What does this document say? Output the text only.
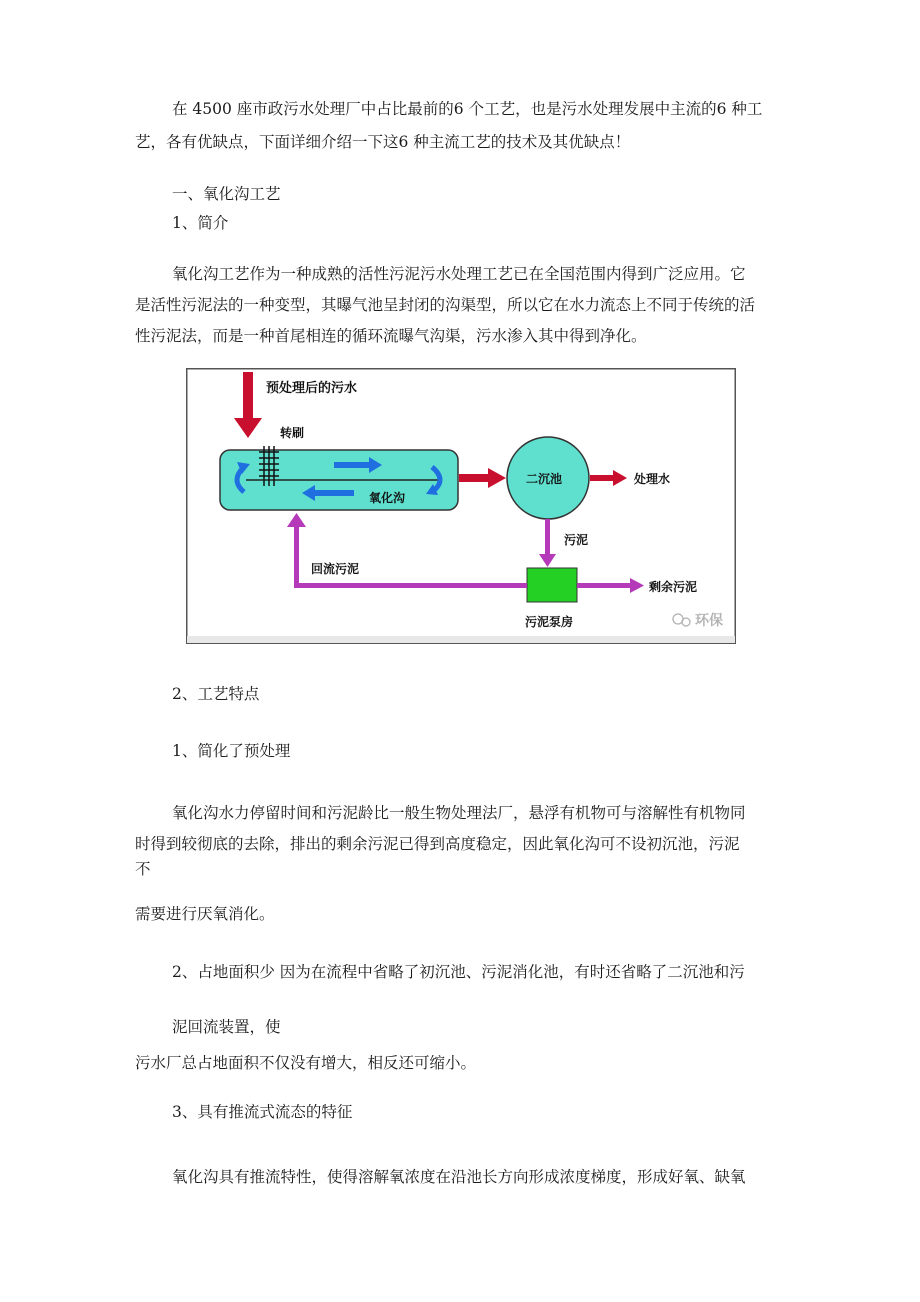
在 4500 座市政污水处理厂中占比最前的6 个工艺，也是污水处理发展中主流的6 种工
艺，各有优缺点，下面详细介绍一下这6 种主流工艺的技术及其优缺点！
一、氧化沟工艺
1、简介
氧化沟工艺作为一种成熟的活性污泥污水处理工艺已在全国范围内得到广泛应用。它
是活性污泥法的一种变型，其曝气池呈封闭的沟渠型，所以它在水力流态上不同于传统的活
性污泥法，而是一种首尾相连的循环流曝气沟渠，污水渗入其中得到净化。
预处理后的污水
转刷
氧化沟
二沉池	处理水
污泥
污泥泵房
剩余污泥
回流污泥
环保
2、工艺特点
1、简化了预处理
氧化沟水力停留时间和污泥龄比一般生物处理法厂，悬浮有机物可与溶解性有机物同
时得到较彻底的去除，排出的剩余污泥已得到高度稳定，因此氧化沟可不设初沉池，污泥
不
需要进行厌氧消化。
2、占地面积少 因为在流程中省略了初沉池、污泥消化池，有时还省略了二沉池和污
泥回流装置，使
污水厂总占地面积不仅没有增大，相反还可缩小。
3、具有推流式流态的特征
氧化沟具有推流特性，使得溶解氧浓度在沿池长方向形成浓度梯度，形成好氧、缺氧
